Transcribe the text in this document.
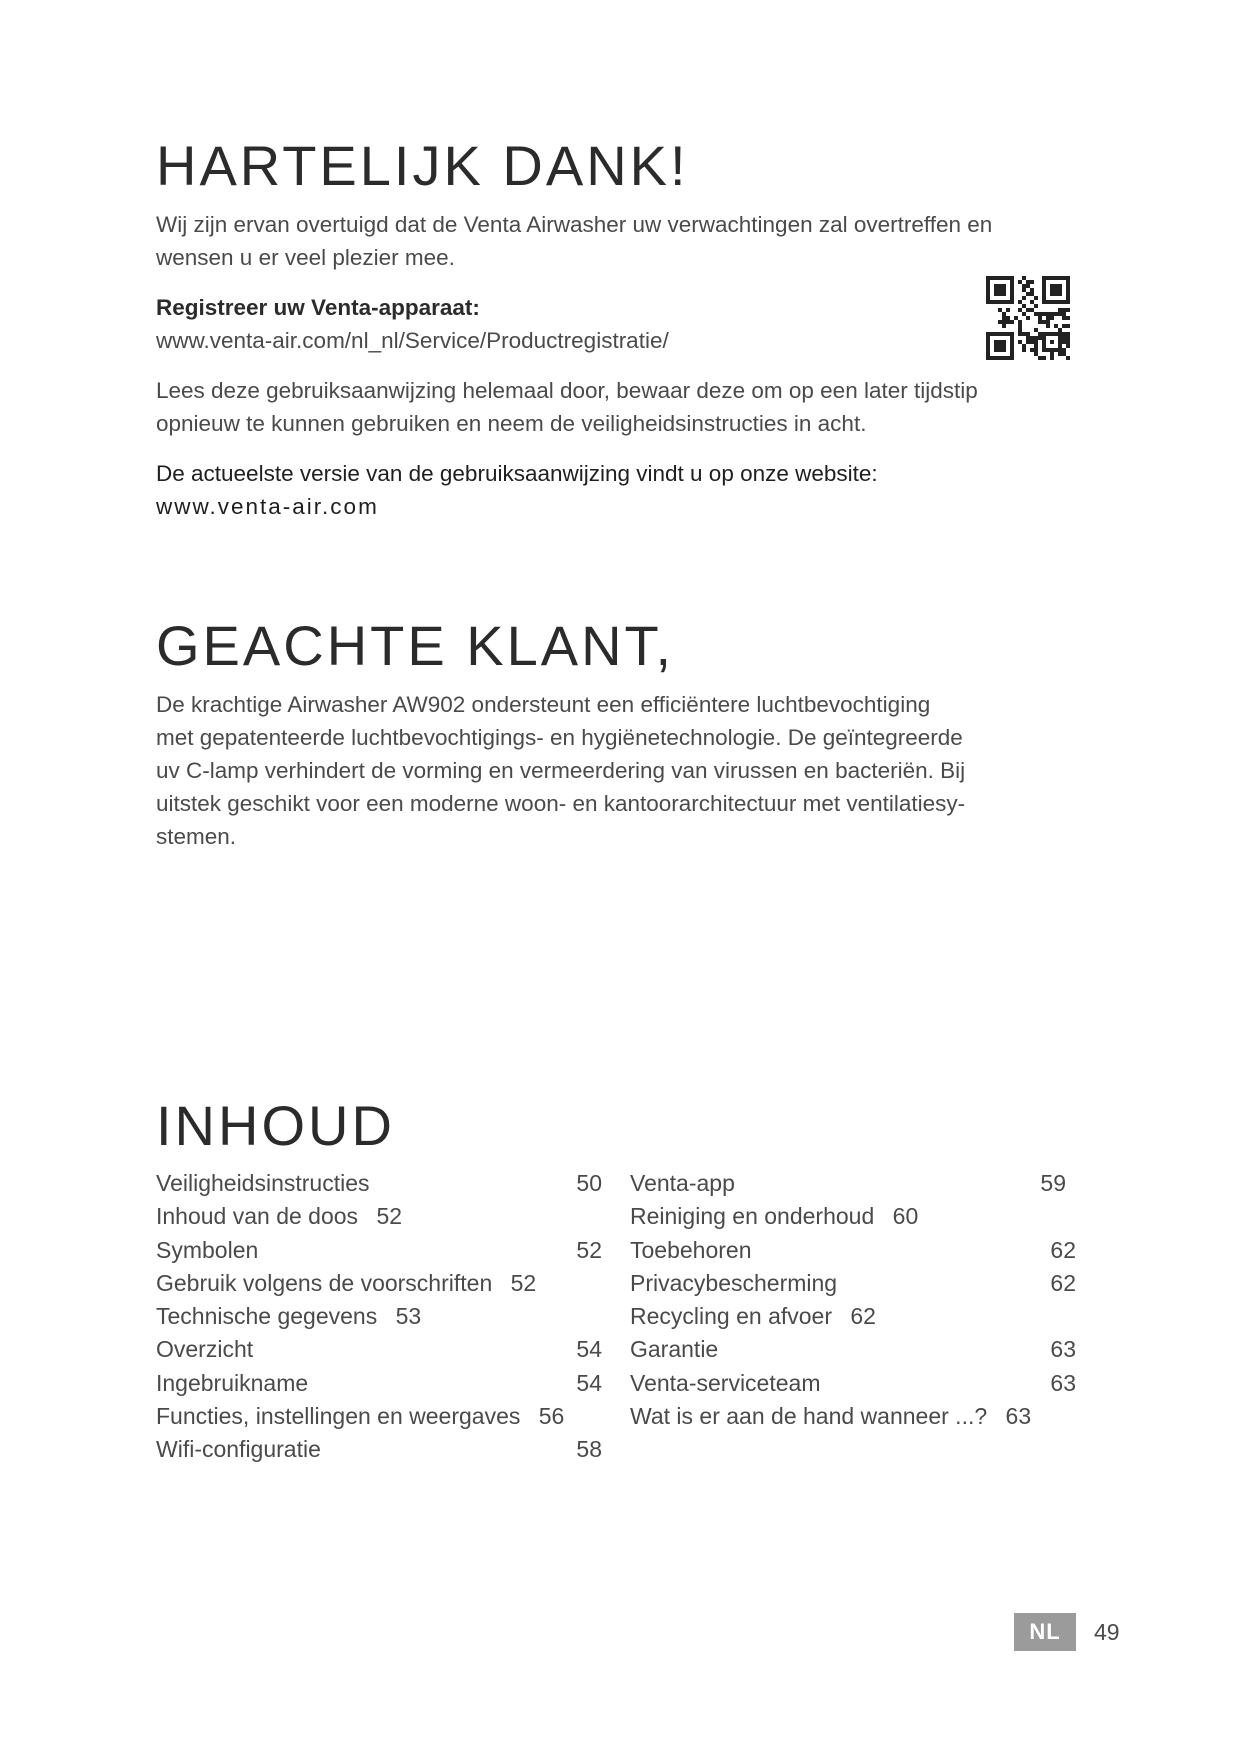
HARTELIJK DANK!

Wij zijn ervan overtuigd dat de Venta Airwasher uw verwachtingen zal overtreffen en

wensen u er veel plezier mee.

Registreer uw Venta-apparaat:

www.venta-air.com/nl_nl/Service/Productregistratie/

Lees deze gebruiksaanwijzing helemaal door, bewaar deze om op een later tijdstip

opnieuw te kunnen gebruiken en neem de veiligheidsinstructies in acht.

De actueelste versie van de gebruiksaanwijzing vindt u op onze website:

www.venta-air.com

GEACHTE KLANT,

De krachtige Airwasher AW902 ondersteunt een efficiëntere luchtbevochtiging

met gepatenteerde luchtbevochtigings- en hygiënetechnologie. De geïntegreerde

uv C-lamp verhindert de vorming en vermeerdering van virussen en bacteriën. Bij

uitstek geschikt voor een moderne woon- en kantoorarchitectuur met ventilatiesy-

stemen.

INHOUD
Veiligheidsinstructies	50
Inhoud van de doos 52
Symbolen	52
Gebruik volgens de voorschriften 52
Technische gegevens 53
Overzicht	54
Ingebruikname	54
Functies, instellingen en weergaves 56
Wifi-configuratie	58
Venta-app	59
Reiniging en onderhoud 60
Toebehoren	62
Privacybescherming	62
Recycling en afvoer 62
Garantie	63
Venta-serviceteam	63
Wat is er aan de hand wanneer ...? 63
NL	49
